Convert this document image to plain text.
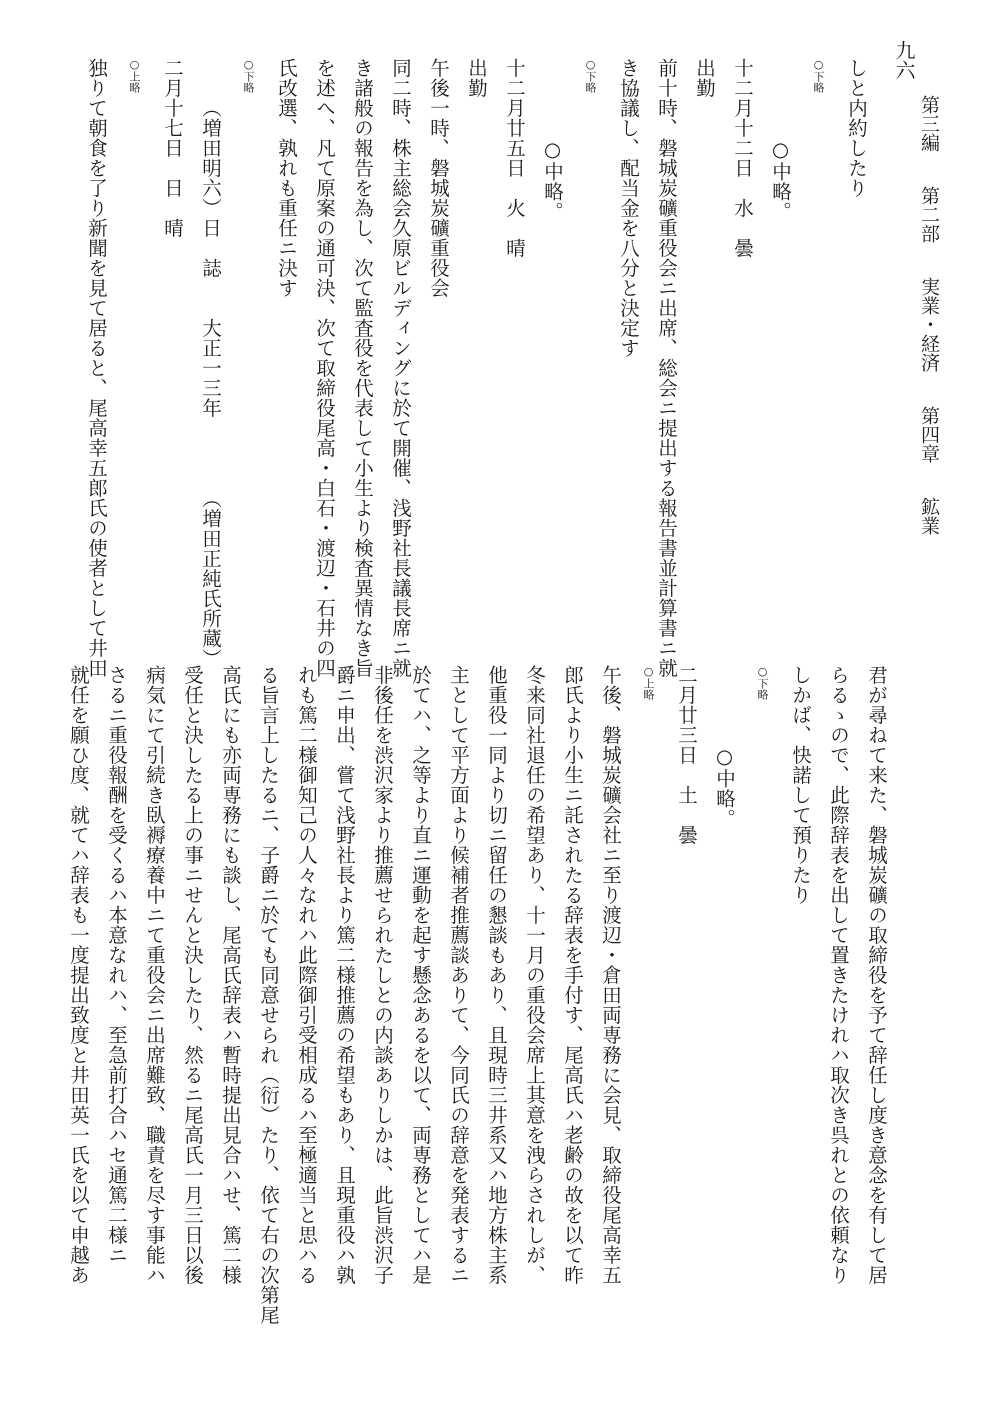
九六
第三編 第二部 実業・経済 第四章 鉱業
しと内約したり
○下略
○中略。
十二月十二日　水　曇
出勤
前十時、磐城炭礦重役会ニ出席、総会ニ提出する報告書並計算書ニ就
き協議し、配当金を八分と決定す
○下略
○中略。
十二月廿五日　火　晴
出勤
午後一時、磐城炭礦重役会
同二時、株主総会久原ビルディングに於て開催、浅野社長議長席ニ就
き諸般の報告を為し、次て監査役を代表して小生より検査異情なき旨
を述へ、凡て原案の通可決、次て取締役尾高・白石・渡辺・石井の四
氏改選、孰れも重任ニ決す
○下略
（増田明六）日　誌　　大正一三年　　　　（増田正純氏所蔵）
二月十七日　日　晴
○上略
独りて朝食を了り新聞を見て居ると、尾高幸五郎氏の使者として井田
君が尋ねて来た、磐城炭礦の取締役を予て辞任し度き意念を有して居
らるゝので、此際辞表を出して置きたけれハ取次き呉れとの依頼なり
しかば、快諾して預りたり
○下略
○中略。
二月廿三日　土　曇
○上略
午後、磐城炭礦会社ニ至り渡辺・倉田両専務に会見、取締役尾高幸五
郎氏より小生ニ託されたる辞表を手付す、尾高氏ハ老齢の故を以て昨
冬来同社退任の希望あり、十一月の重役会席上其意を洩らされしが、
他重役一同より切ニ留任の懇談もあり、且現時三井系又ハ地方株主系
主として平方面より候補者推薦談ありて、今同氏の辞意を発表するニ
於てハ、之等より直ニ運動を起す懸念あるを以て、両専務としてハ是
非後任を渋沢家より推薦せられたしとの内談ありしかは、此旨渋沢子
爵ニ申出、嘗て浅野社長より篤二様推薦の希望もあり、且現重役ハ孰
れも篤二様御知己の人々なれハ此際御引受相成るハ至極適当と思ハる
る旨言上したるニ、子爵ニ於ても同意せられ（衍）たり、依て右の次第尾
高氏にも亦両専務にも談し、尾高氏辞表ハ暫時提出見合ハせ、篤二様
受任と決したる上の事ニせんと決したり、然るニ尾高氏一月三日以後
病気にて引続き臥褥療養中ニて重役会ニ出席難致、職責を尽す事能ハ
さるニ重役報酬を受くるハ本意なれハ、至急前打合ハセ通篤二様ニ
就任を願ひ度、就てハ辞表も一度提出致度と井田英一氏を以て申越あ
